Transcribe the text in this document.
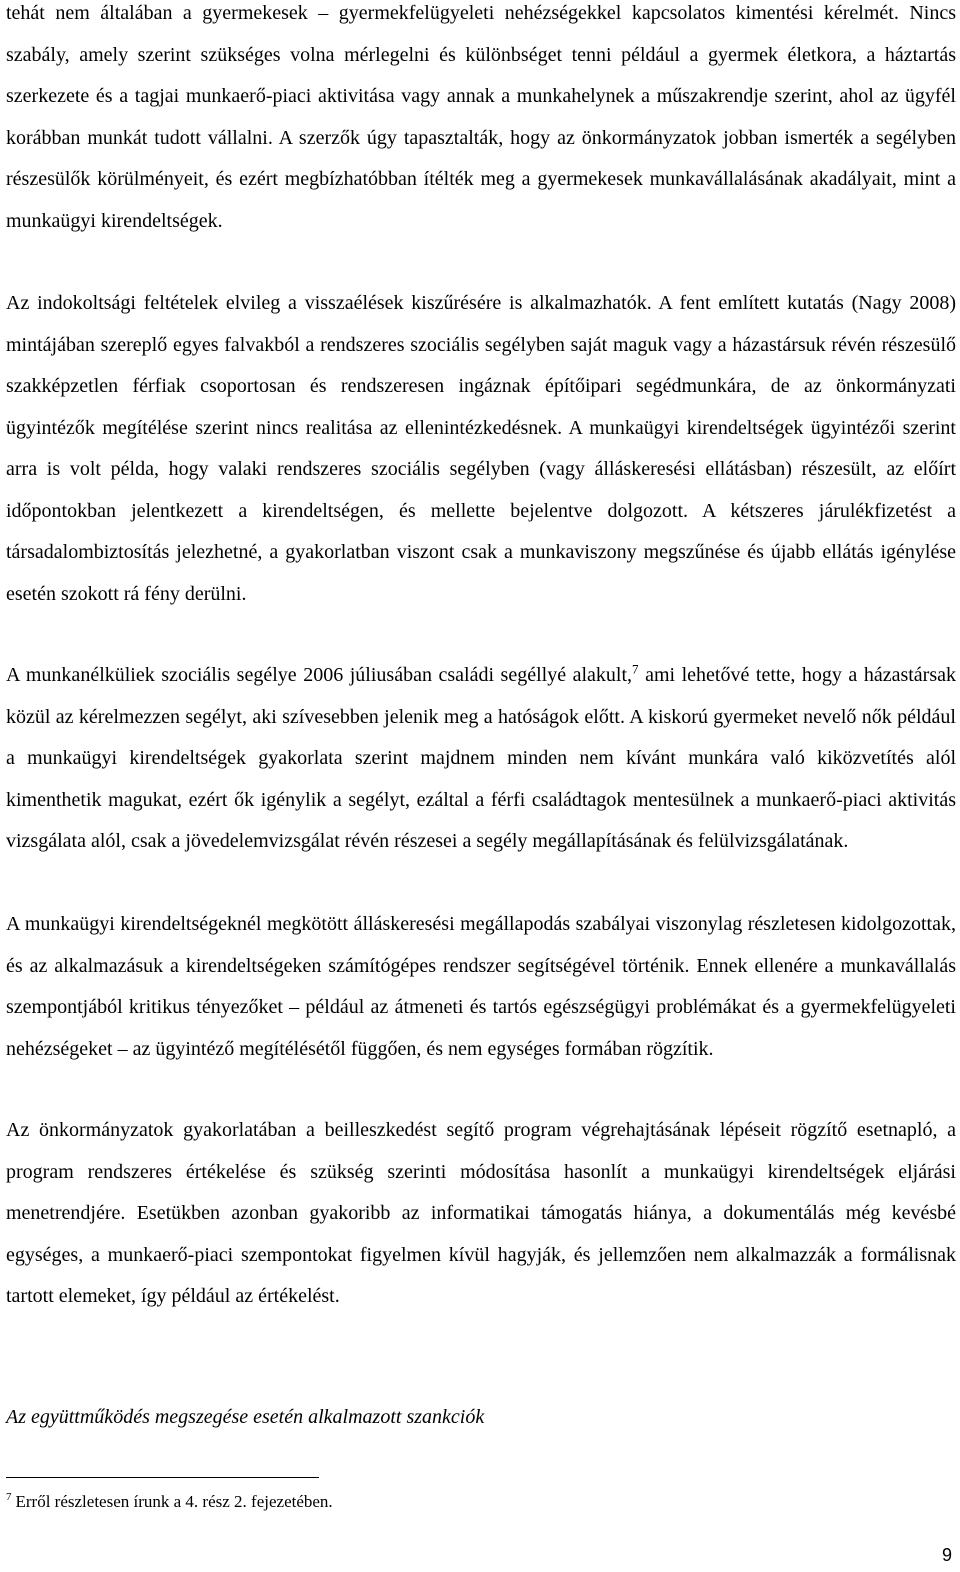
tehát nem általában a gyermekesek – gyermekfelügyeleti nehézségekkel kapcsolatos kimentési kérelmét. Nincs szabály, amely szerint szükséges volna mérlegelni és különbséget tenni például a gyermek életkora, a háztartás szerkezete és a tagjai munkaerő-piaci aktivitása vagy annak a munkahelynek a műszakrendje szerint, ahol az ügyfél korábban munkát tudott vállalni. A szerzők úgy tapasztalták, hogy az önkormányzatok jobban ismerték a segélyben részesülők körülményeit, és ezért megbízhatóbban ítélték meg a gyermekesek munkavállalásának akadályait, mint a munkaügyi kirendeltségek.

Az indokoltsági feltételek elvileg a visszaélések kiszűrésére is alkalmazhatók. A fent említett kutatás (Nagy 2008) mintájában szereplő egyes falvakból a rendszeres szociális segélyben saját maguk vagy a házastársuk révén részesülő szakképzetlen férfiak csoportosan és rendszeresen ingáznak építőipari segédmunkára, de az önkormányzati ügyintézők megítélése szerint nincs realitása az ellenintézkedésnek. A munkaügyi kirendeltségek ügyintézői szerint arra is volt példa, hogy valaki rendszeres szociális segélyben (vagy álláskeresési ellátásban) részesült, az előírt időpontokban jelentkezett a kirendeltségen, és mellette bejelentve dolgozott. A kétszeres járulékfizetést a társadalombiztosítás jelezhetné, a gyakorlatban viszont csak a munkaviszony megszűnése és újabb ellátás igénylése esetén szokott rá fény derülni.

A munkanélküliek szociális segélye 2006 júliusában családi segéllyé alakult,$^7$ ami lehetővé tette, hogy a házastársak közül az kérelmezzen segélyt, aki szívesebben jelenik meg a hatóságok előtt. A kiskorú gyermeket nevelő nők például a munkaügyi kirendeltségek gyakorlata szerint majdnem minden nem kívánt munkára való kiközvetítés alól kimenthetik magukat, ezért ők igénylik a segélyt, ezáltal a férfi családtagok mentesülnek a munkaerő-piaci aktivitás vizsgálata alól, csak a jövedelemvizsgálat révén részesei a segély megállapításának és felülvizsgálatának.

A munkaügyi kirendeltségeknél megkötött álláskeresési megállapodás szabályai viszonylag részletesen kidolgozottak, és az alkalmazásuk a kirendeltségeken számítógépes rendszer segítségével történik. Ennek ellenére a munkavállalás szempontjából kritikus tényezőket – például az átmeneti és tartós egészségügyi problémákat és a gyermekfelügyeleti nehézségeket – az ügyintéző megítélésétől függően, és nem egységes formában rögzítik.

Az önkormányzatok gyakorlatában a beilleszkedést segítő program végrehajtásának lépéseit rögzítő esetnapló, a program rendszeres értékelése és szükség szerinti módosítása hasonlít a munkaügyi kirendeltségek eljárási menetrendjére. Esetükben azonban gyakoribb az informatikai támogatás hiánya, a dokumentálás még kevésbé egységes, a munkaerő-piaci szempontokat figyelmen kívül hagyják, és jellemzően nem alkalmazzák a formálisnak tartott elemeket, így például az értékelést.

Az együttműködés megszegése esetén alkalmazott szankciók

$^7$ Erről részletesen írunk a 4. rész 2. fejezetében.

9
